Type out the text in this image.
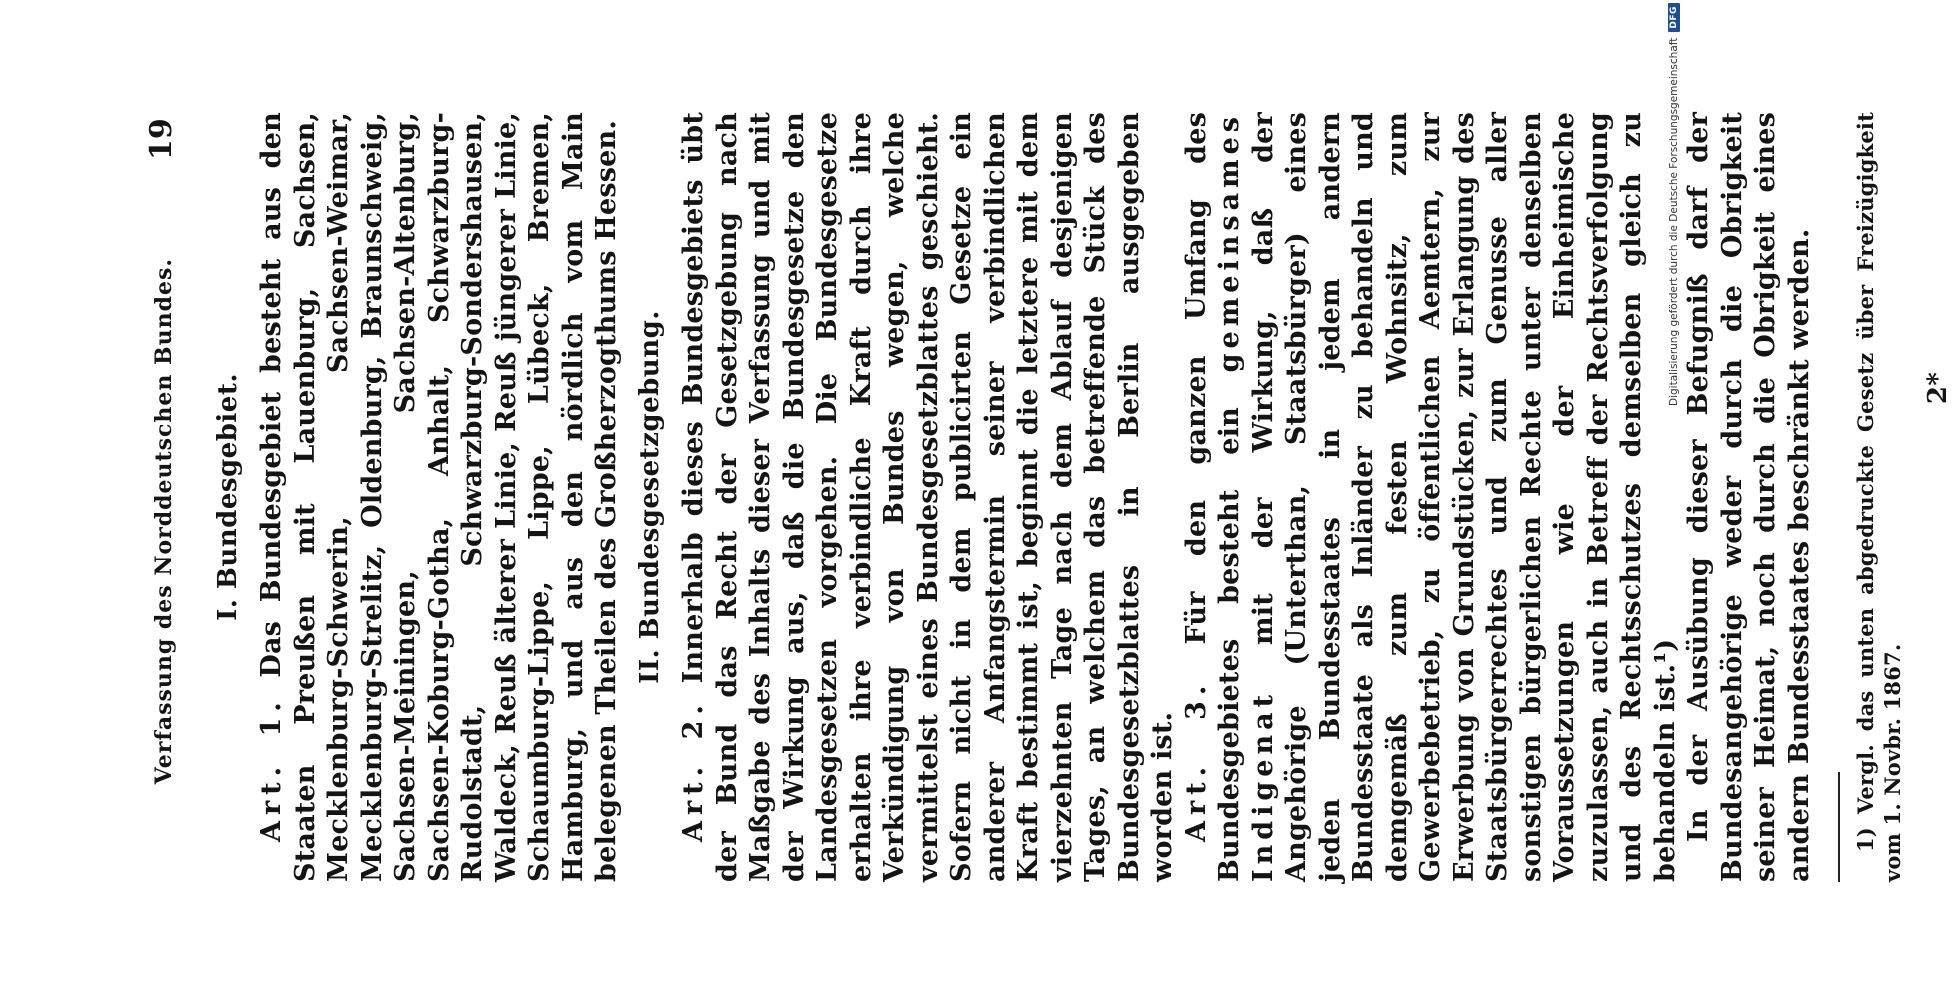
Verfassung des Norddeutschen Bundes.
19
I. Bundesgebiet.

Art. 1. Das Bundesgebiet besteht aus den Staaten Preußen mit Lauenburg, Sachsen, Mecklenburg-Schwerin, Sachsen-Weimar, Mecklenburg-Strelitz, Oldenburg, Braunschweig, Sachsen-Meiningen, Sachsen-Altenburg, Sachsen-Koburg-Gotha, Anhalt, Schwarzburg-Rudolstadt, Schwarzburg-Sondershausen, Waldeck, Reuß älterer Linie, Reuß jüngerer Linie, Schaumburg-Lippe, Lippe, Lübeck, Bremen, Hamburg, und aus den nördlich vom Main belegenen Theilen des Großherzogthums Hessen. II. Bundesgesetzgebung.

Art. 2. Innerhalb dieses Bundesgebiets übt der Bund das Recht der Gesetzgebung nach Maßgabe des Inhalts dieser Verfassung und mit der Wirkung aus, daß die Bundesgesetze den Landesgesetzen vorgehen. Die Bundesgesetze erhalten ihre verbindliche Kraft durch ihre Verkündigung von Bundes wegen, welche vermittelst eines Bundesgesetzblattes geschieht. Sofern nicht in dem publicirten Gesetze ein anderer Anfangstermin seiner verbindlichen Kraft bestimmt ist, beginnt die letztere mit dem vierzehnten Tage nach dem Ablauf desjenigen Tages, an welchem das betreffende Stück des Bundesgesetzblattes in Berlin ausgegeben worden ist. Art. 3. Für den ganzen Umfang des Bundesgebietes besteht ein gemeinsames Indigenat mit der Wirkung, daß der Angehörige (Unterthan, Staatsbürger) eines jeden Bundesstaates in jedem andern Bundesstaate als Inländer zu behandeln und demgemäß zum festen Wohnsitz, zum Gewerbebetrieb, zu öffentlichen Aemtern, zur Erwerbung von Grundstücken, zur Erlangung des Staatsbürgerrechtes und zum Genusse aller sonstigen bürgerlichen Rechte unter denselben Voraussetzungen wie der Einheimische zuzulassen, auch in Betreff der Rechtsverfolgung und des Rechtsschutzes demselben gleich zu behandeln ist.¹) In der Ausübung dieser Befugniß darf der Bundesangehörige weder durch die Obrigkeit seiner Heimat, noch durch die Obrigkeit eines andern Bundesstaates beschränkt werden. 1) Vergl. das unten abgedruckte Gesetz über Freizügigkeit vom 1. Novbr. 1867.

2*
Digitalisierung gefördert durch die Deutsche Forschungsgemeinschaft
DFG
